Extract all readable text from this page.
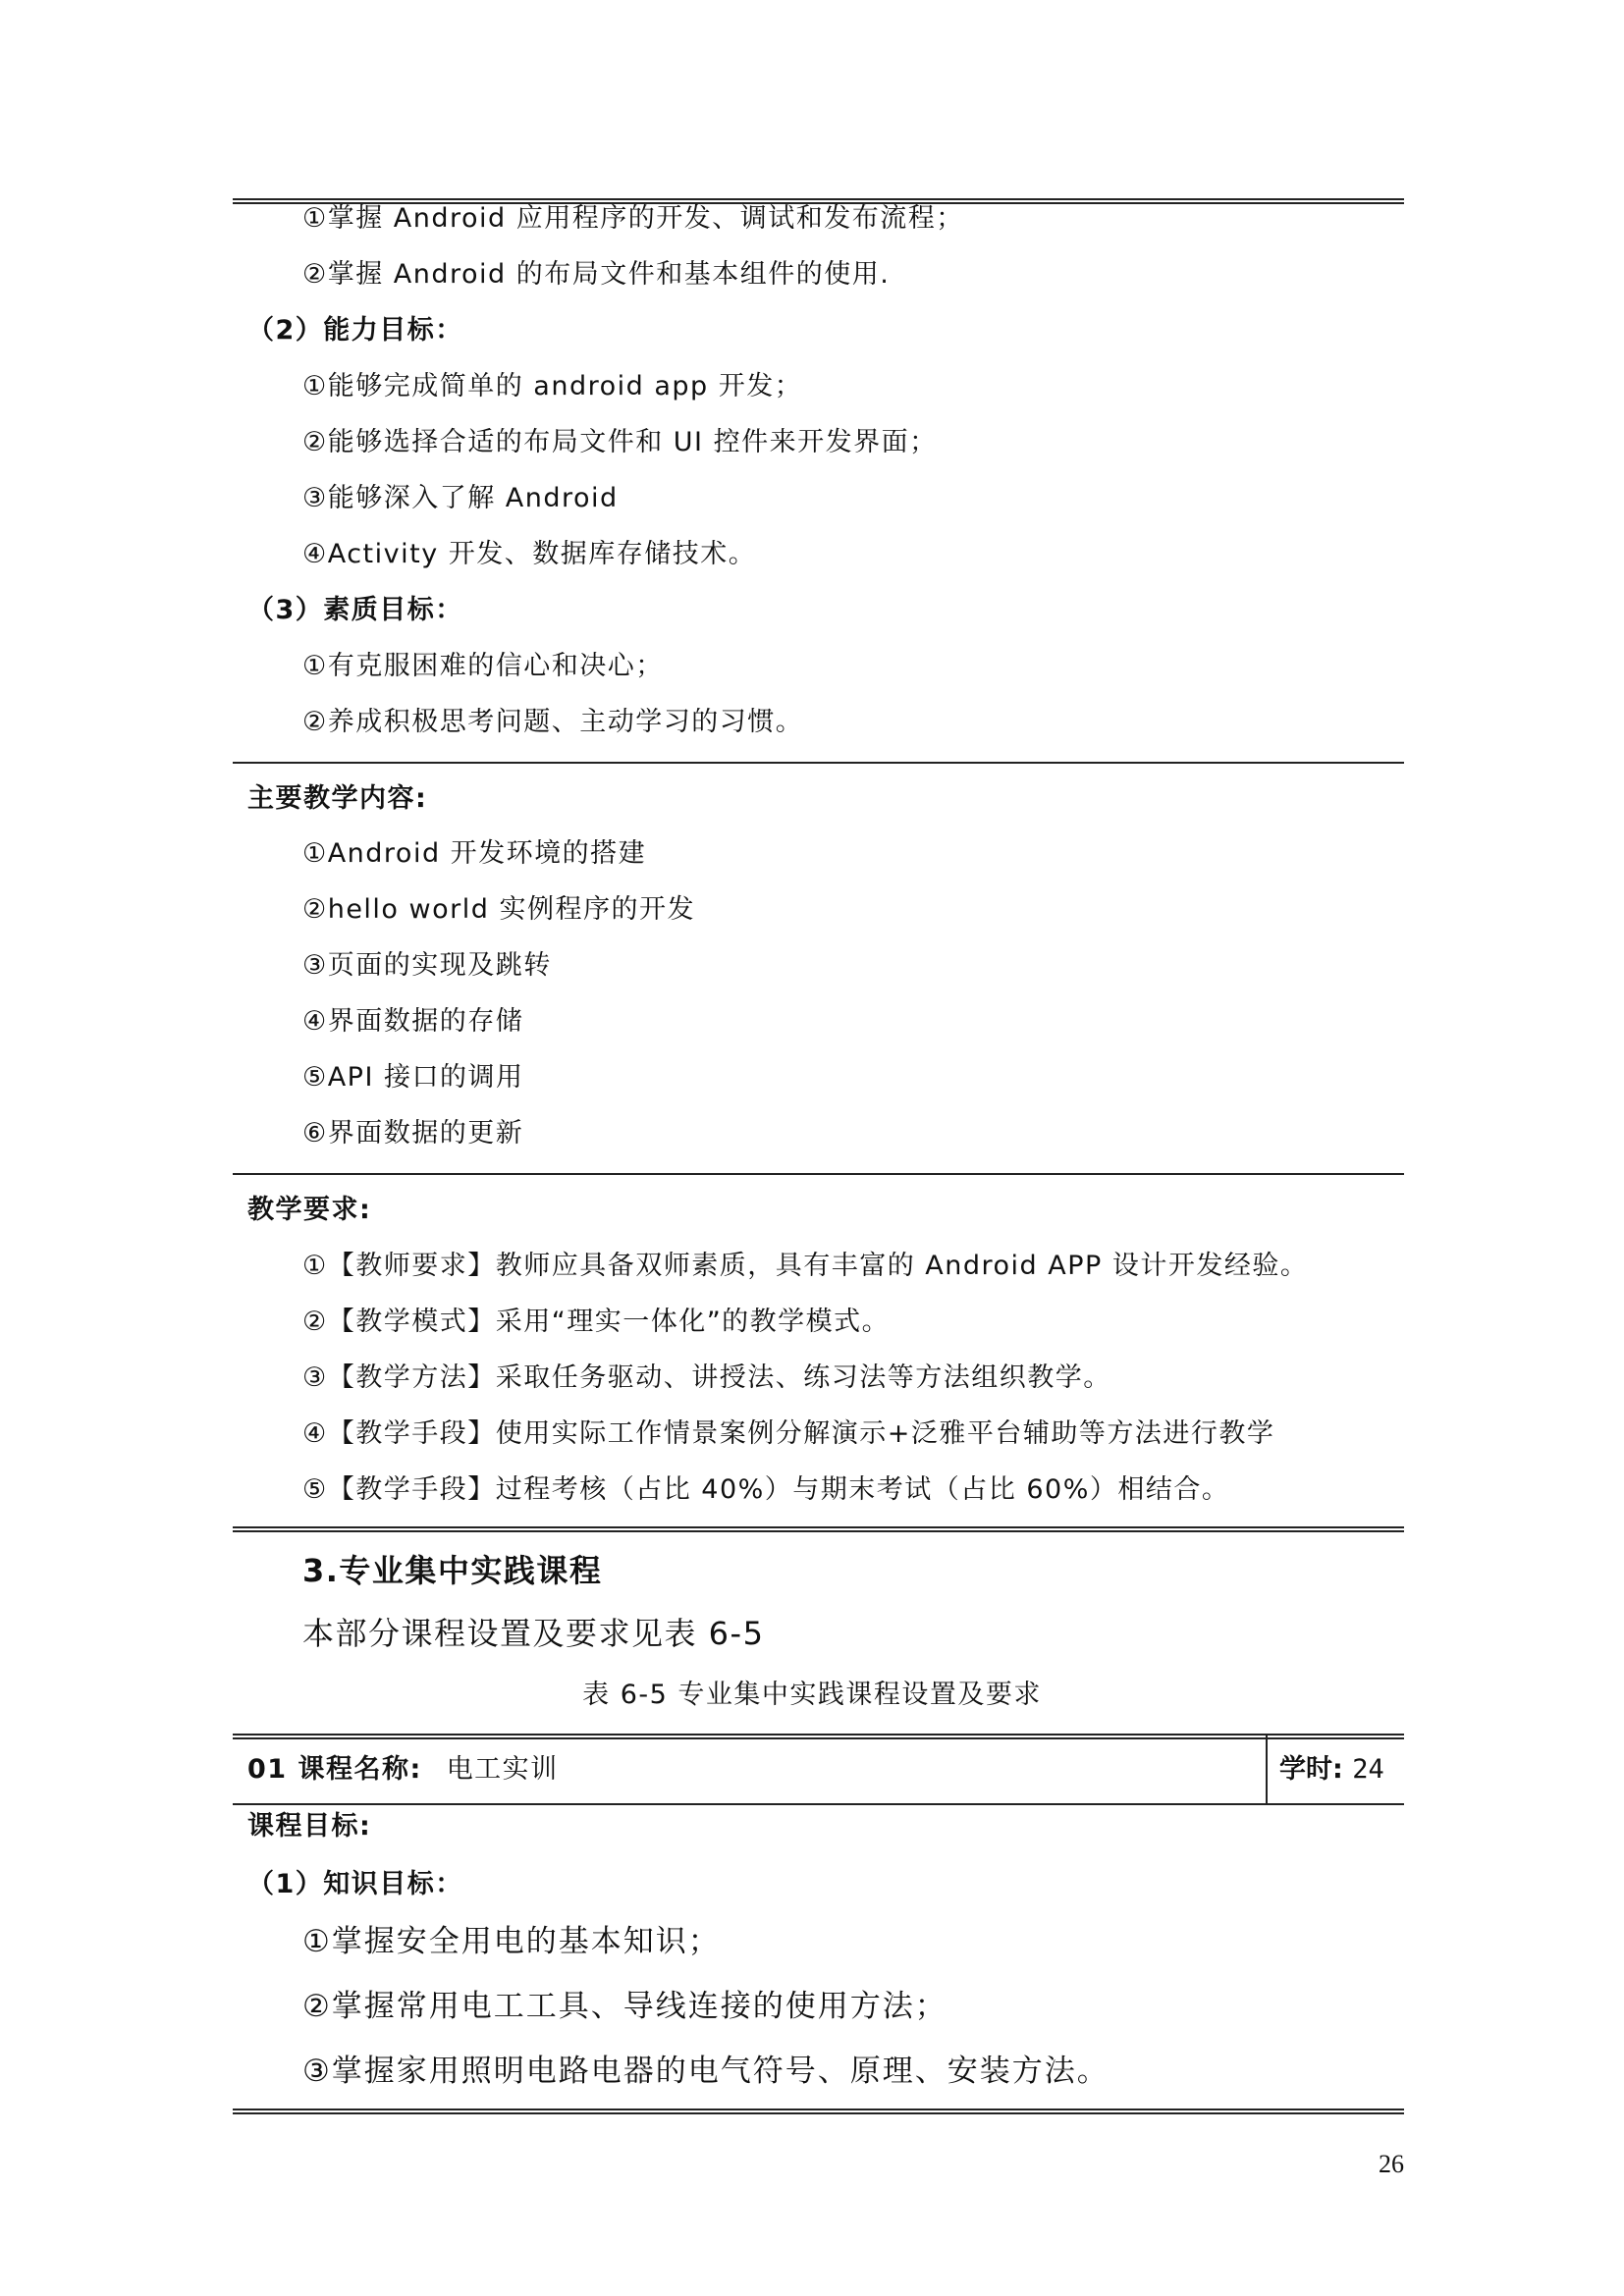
①掌握 Android 应用程序的开发、调试和发布流程；
②掌握 Android 的布局文件和基本组件的使用.
（2）能力目标：
①能够完成简单的 android app 开发；
②能够选择合适的布局文件和 UI 控件来开发界面；
③能够深入了解 Android
④Activity 开发、数据库存储技术。
（3）素质目标：
①有克服困难的信心和决心；
②养成积极思考问题、主动学习的习惯。
主要教学内容:
①Android 开发环境的搭建
②hello world 实例程序的开发
③页面的实现及跳转
④界面数据的存储
⑤API 接口的调用
⑥界面数据的更新
教学要求:
①【教师要求】教师应具备双师素质，具有丰富的 Android APP 设计开发经验。
②【教学模式】采用“理实一体化”的教学模式。
③【教学方法】采取任务驱动、讲授法、练习法等方法组织教学。
④【教学手段】使用实际工作情景案例分解演示+泛雅平台辅助等方法进行教学
⑤【教学手段】过程考核（占比 40%）与期末考试（占比 60%）相结合。
3.专业集中实践课程
本部分课程设置及要求见表 6-5
表 6-5 专业集中实践课程设置及要求
01 课程名称: 电工实训	学时: 24
课程目标:
（1）知识目标：
①掌握安全用电的基本知识；
②掌握常用电工工具、导线连接的使用方法；
③掌握家用照明电路电器的电气符号、原理、安装方法。
26
